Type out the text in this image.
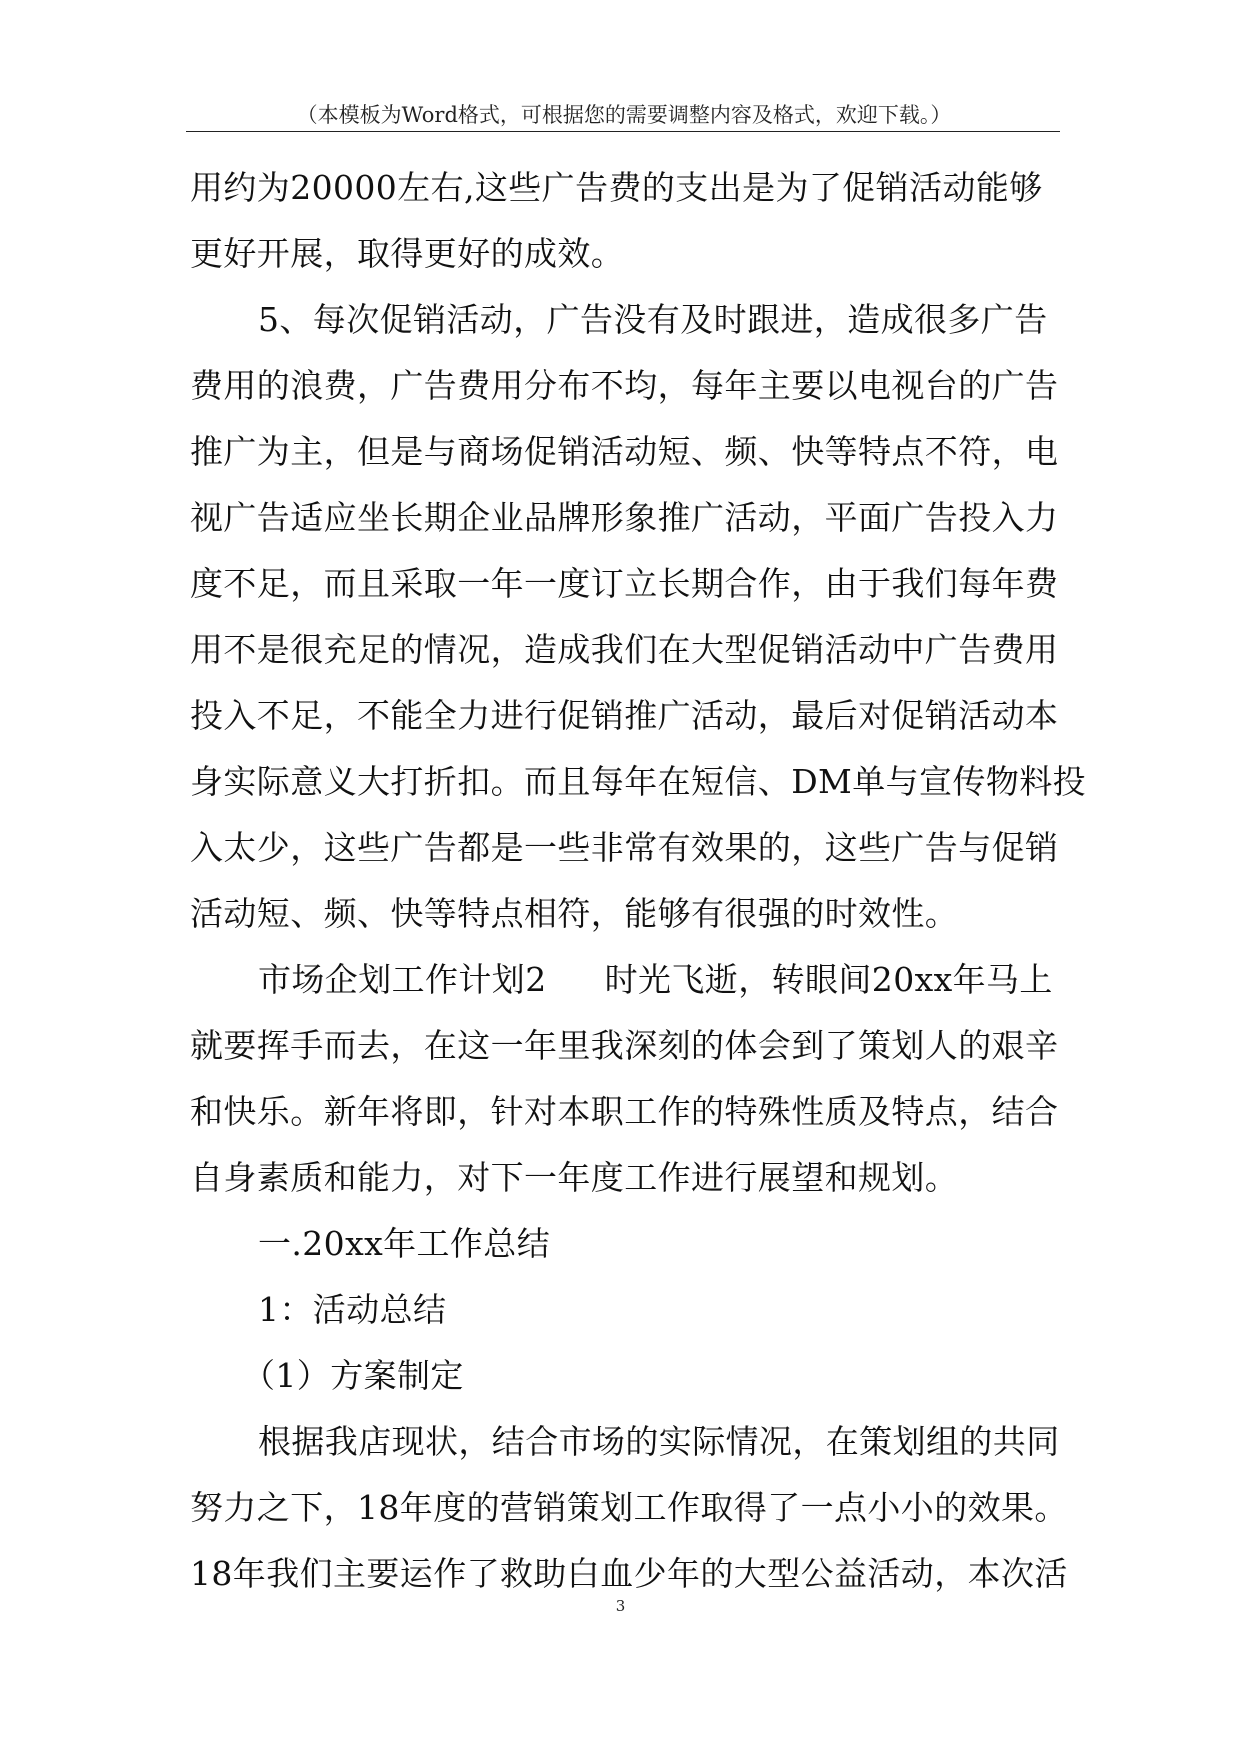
（本模板为Word格式，可根据您的需要调整内容及格式，欢迎下载。）
用约为20000左右,这些广告费的支出是为了促销活动能够
更好开展，取得更好的成效。
5、每次促销活动，广告没有及时跟进，造成很多广告
费用的浪费，广告费用分布不均，每年主要以电视台的广告
推广为主，但是与商场促销活动短、频、快等特点不符，电
视广告适应坐长期企业品牌形象推广活动，平面广告投入力
度不足，而且采取一年一度订立长期合作，由于我们每年费
用不是很充足的情况，造成我们在大型促销活动中广告费用
投入不足，不能全力进行促销推广活动，最后对促销活动本
身实际意义大打折扣。而且每年在短信、DM单与宣传物料投
入太少，这些广告都是一些非常有效果的，这些广告与促销
活动短、频、快等特点相符，能够有很强的时效性。
市场企划工作计划2 时光飞逝，转眼间20xx年马上
就要挥手而去，在这一年里我深刻的体会到了策划人的艰辛
和快乐。新年将即，针对本职工作的特殊性质及特点，结合
自身素质和能力，对下一年度工作进行展望和规划。
一.20xx年工作总结
1：活动总结
（1）方案制定
根据我店现状，结合市场的实际情况，在策划组的共同
努力之下，18年度的营销策划工作取得了一点小小的效果。
18年我们主要运作了救助白血少年的大型公益活动，本次活
3
